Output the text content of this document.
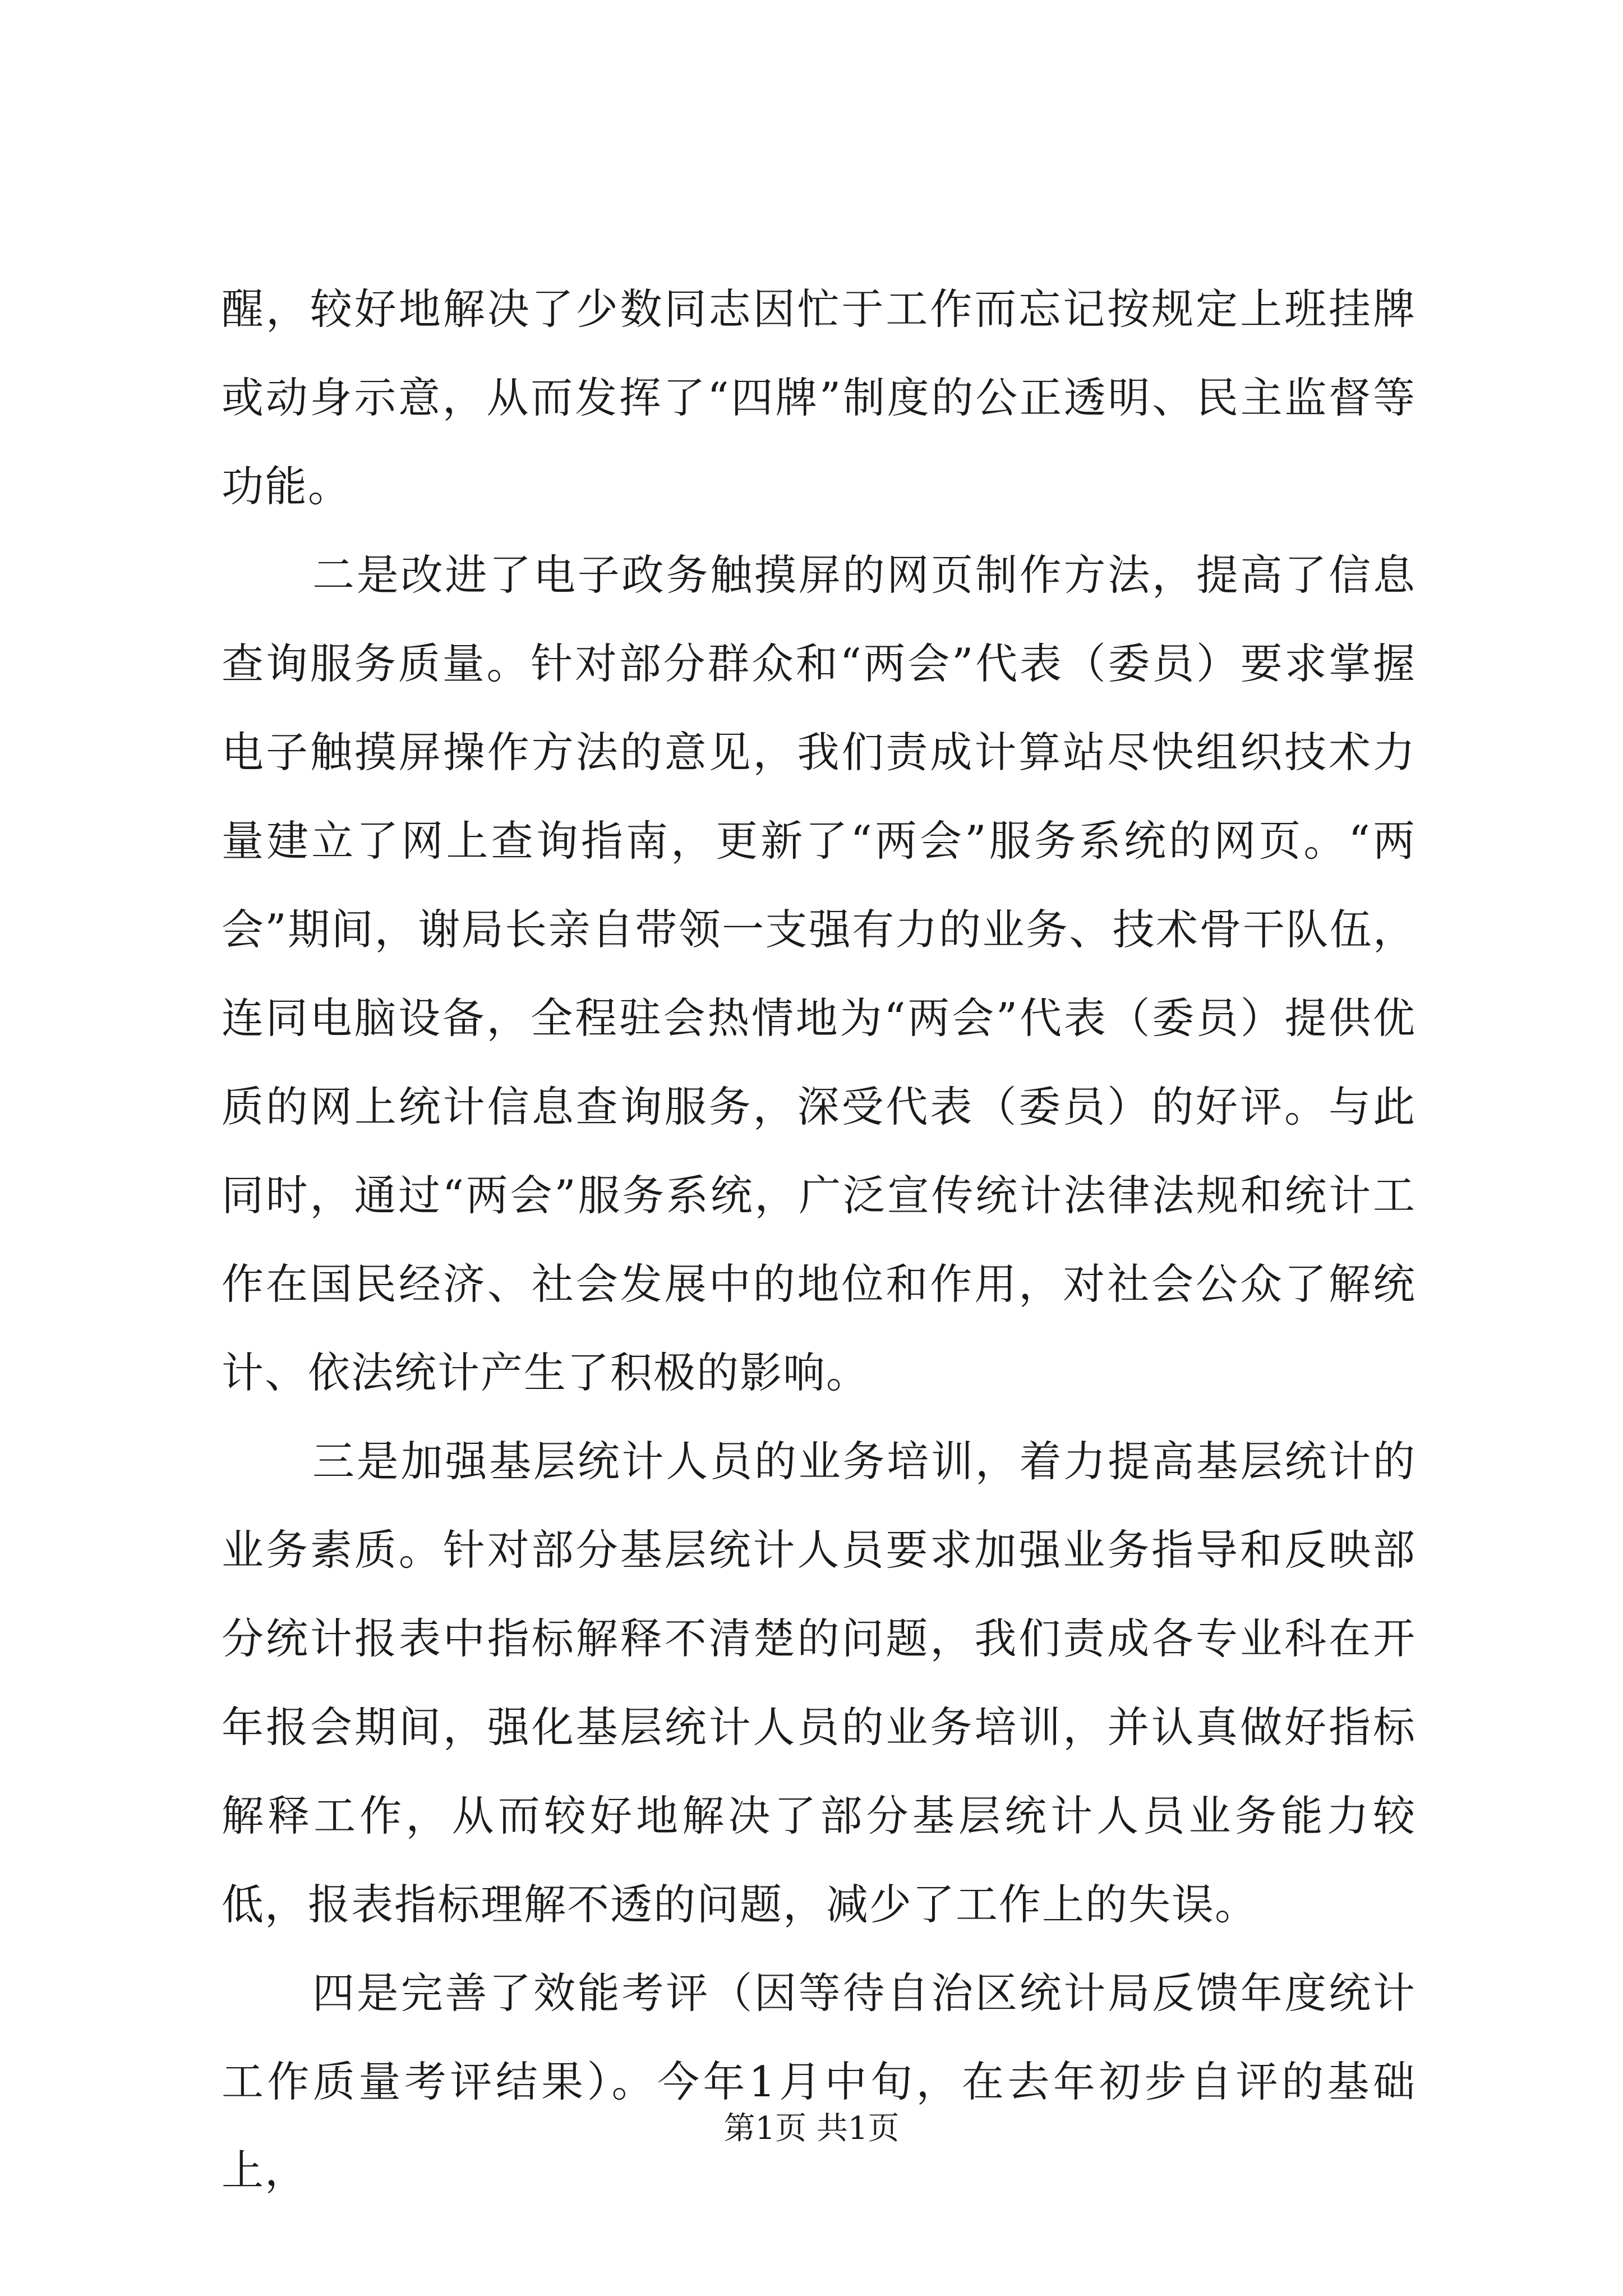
醒，较好地解决了少数同志因忙于工作而忘记按规定上班挂牌或动身示意，从而发挥了“四牌”制度的公正透明、民主监督等功能。

二是改进了电子政务触摸屏的网页制作方法，提高了信息查询服务质量。针对部分群众和“两会”代表（委员）要求掌握电子触摸屏操作方法的意见，我们责成计算站尽快组织技术力量建立了网上查询指南，更新了“两会”服务系统的网页。“两会”期间，谢局长亲自带领一支强有力的业务、技术骨干队伍，连同电脑设备，全程驻会热情地为“两会”代表（委员）提供优质的网上统计信息查询服务，深受代表（委员）的好评。与此同时，通过“两会”服务系统，广泛宣传统计法律法规和统计工作在国民经济、社会发展中的地位和作用，对社会公众了解统计、依法统计产生了积极的影响。

三是加强基层统计人员的业务培训，着力提高基层统计的业务素质。针对部分基层统计人员要求加强业务指导和反映部分统计报表中指标解释不清楚的问题，我们责成各专业科在开年报会期间，强化基层统计人员的业务培训，并认真做好指标解释工作，从而较好地解决了部分基层统计人员业务能力较低，报表指标理解不透的问题，减少了工作上的失误。

四是完善了效能考评（因等待自治区统计局反馈年度统计工作质量考评结果）。今年1月中旬，在去年初步自评的基础上，

第1页 共1页
